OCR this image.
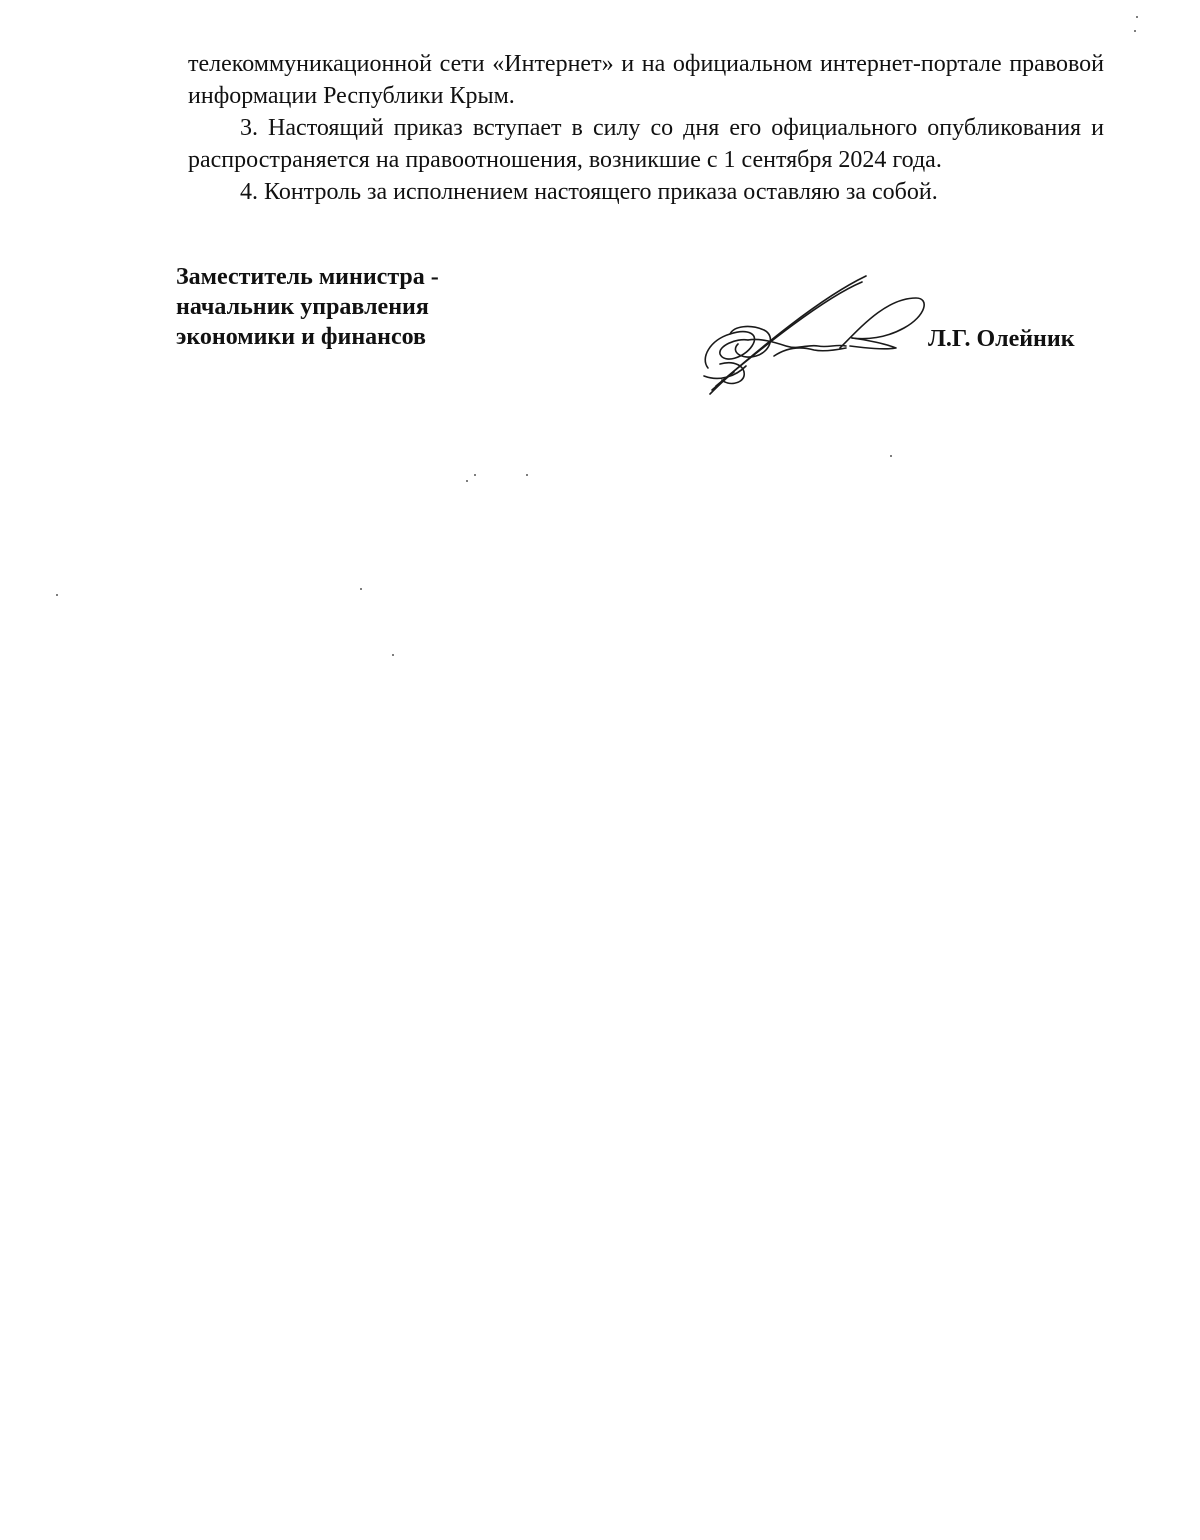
телекоммуникационной сети «Интернет» и на официальном интернет-портале правовой информации Республики Крым.

3. Настоящий приказ вступает в силу со дня его официального опубликования и распространяется на правоотношения, возникшие с 1 сентября 2024 года.

4. Контроль за исполнением настоящего приказа оставляю за собой.

Заместитель министра -
начальник управления
экономики и финансов	Л.Г. Олейник
